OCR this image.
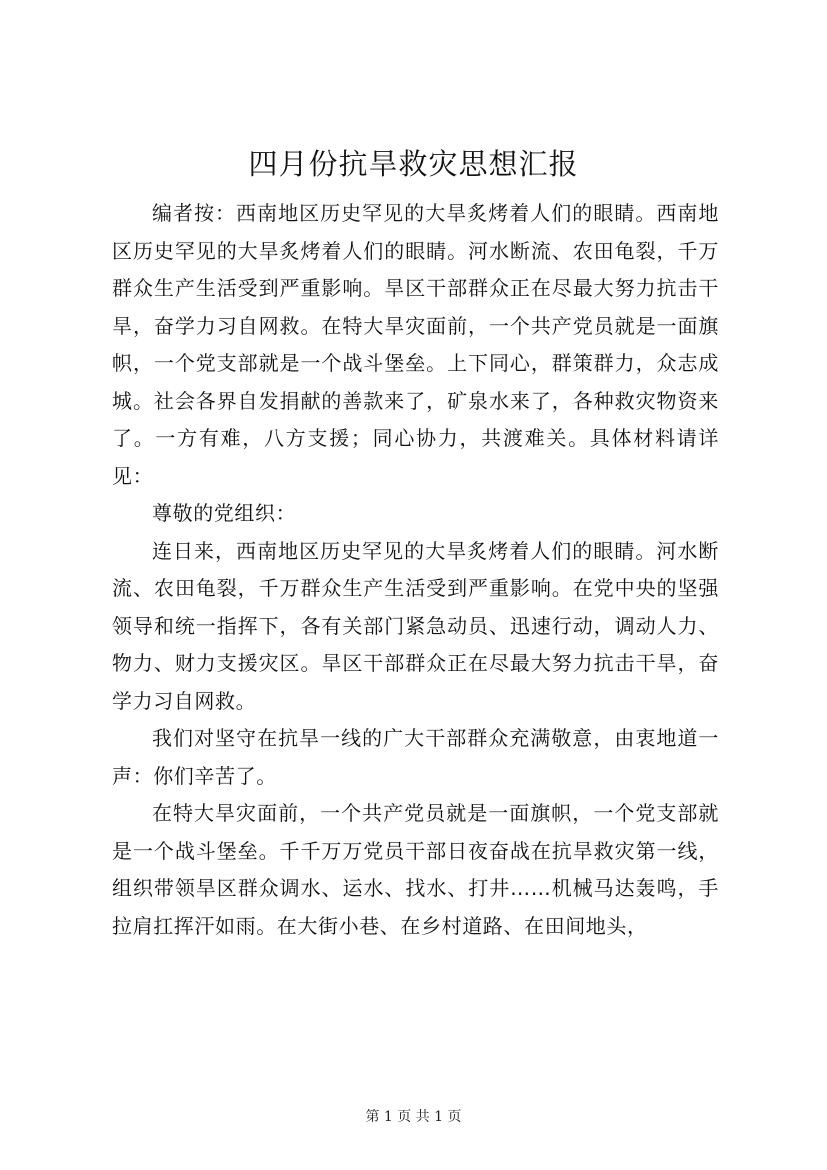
四月份抗旱救灾思想汇报

编者按：西南地区历史罕见的大旱炙烤着人们的眼睛。西南地区历史罕见的大旱炙烤着人们的眼睛。河水断流、农田龟裂，千万群众生产生活受到严重影响。旱区干部群众正在尽最大努力抗击干旱，奋学力习自网救。在特大旱灾面前，一个共产党员就是一面旗帜，一个党支部就是一个战斗堡垒。上下同心，群策群力，众志成城。社会各界自发捐献的善款来了，矿泉水来了，各种救灾物资来了。一方有难，八方支援；同心协力，共渡难关。具体材料请详见：

尊敬的党组织：

连日来，西南地区历史罕见的大旱炙烤着人们的眼睛。河水断流、农田龟裂，千万群众生产生活受到严重影响。在党中央的坚强领导和统一指挥下，各有关部门紧急动员、迅速行动，调动人力、物力、财力支援灾区。旱区干部群众正在尽最大努力抗击干旱，奋学力习自网救。

我们对坚守在抗旱一线的广大干部群众充满敬意，由衷地道一声：你们辛苦了。

在特大旱灾面前，一个共产党员就是一面旗帜，一个党支部就是一个战斗堡垒。千千万万党员干部日夜奋战在抗旱救灾第一线，组织带领旱区群众调水、运水、找水、打井……机械马达轰鸣，手拉肩扛挥汗如雨。在大街小巷、在乡村道路、在田间地头，

第 1 页 共 1 页
